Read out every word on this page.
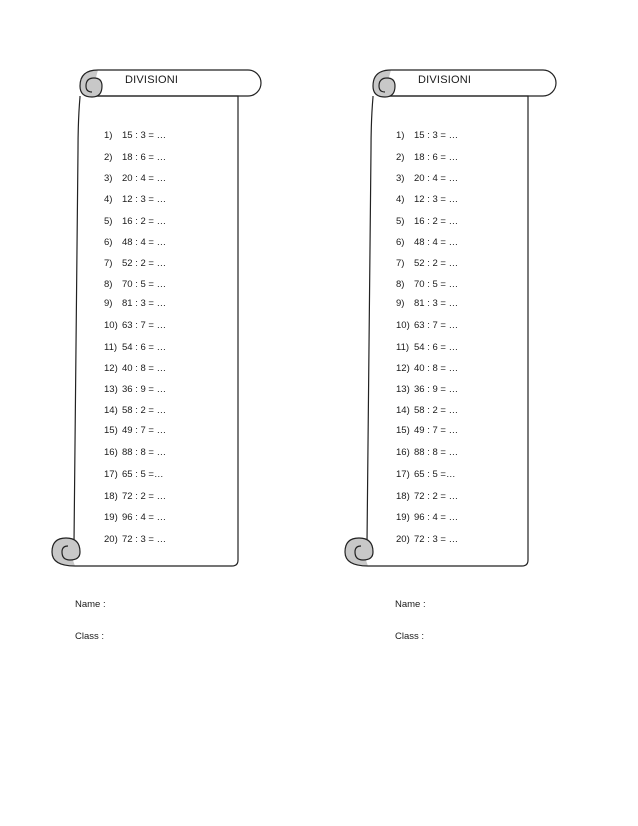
DIVISIONI
1) 15 : 3 = …
2) 18 : 6 = …
3) 20 : 4 = …
4) 12 : 3 = …
5) 16 : 2 = …
6) 48 : 4 = …
7) 52 : 2 = …
8) 70 : 5 = …
9) 81 : 3 = …
10) 63 : 7 = …
11) 54 : 6 = …
12) 40 : 8 = …
13) 36 : 9 = …
14) 58 : 2 = …
15) 49 : 7 = …
16) 88 : 8 = …
17) 65 : 5 =…
18) 72 : 2 = …
19) 96 : 4 = …
20) 72 : 3 = …
Name :
Class :
DIVISIONI
1) 15 : 3 = …
2) 18 : 6 = …
3) 20 : 4 = …
4) 12 : 3 = …
5) 16 : 2 = …
6) 48 : 4 = …
7) 52 : 2 = …
8) 70 : 5 = …
9) 81 : 3 = …
10) 63 : 7 = …
11) 54 : 6 = …
12) 40 : 8 = …
13) 36 : 9 = …
14) 58 : 2 = …
15) 49 : 7 = …
16) 88 : 8 = …
17) 65 : 5 =…
18) 72 : 2 = …
19) 96 : 4 = …
20) 72 : 3 = …
Name :
Class :
